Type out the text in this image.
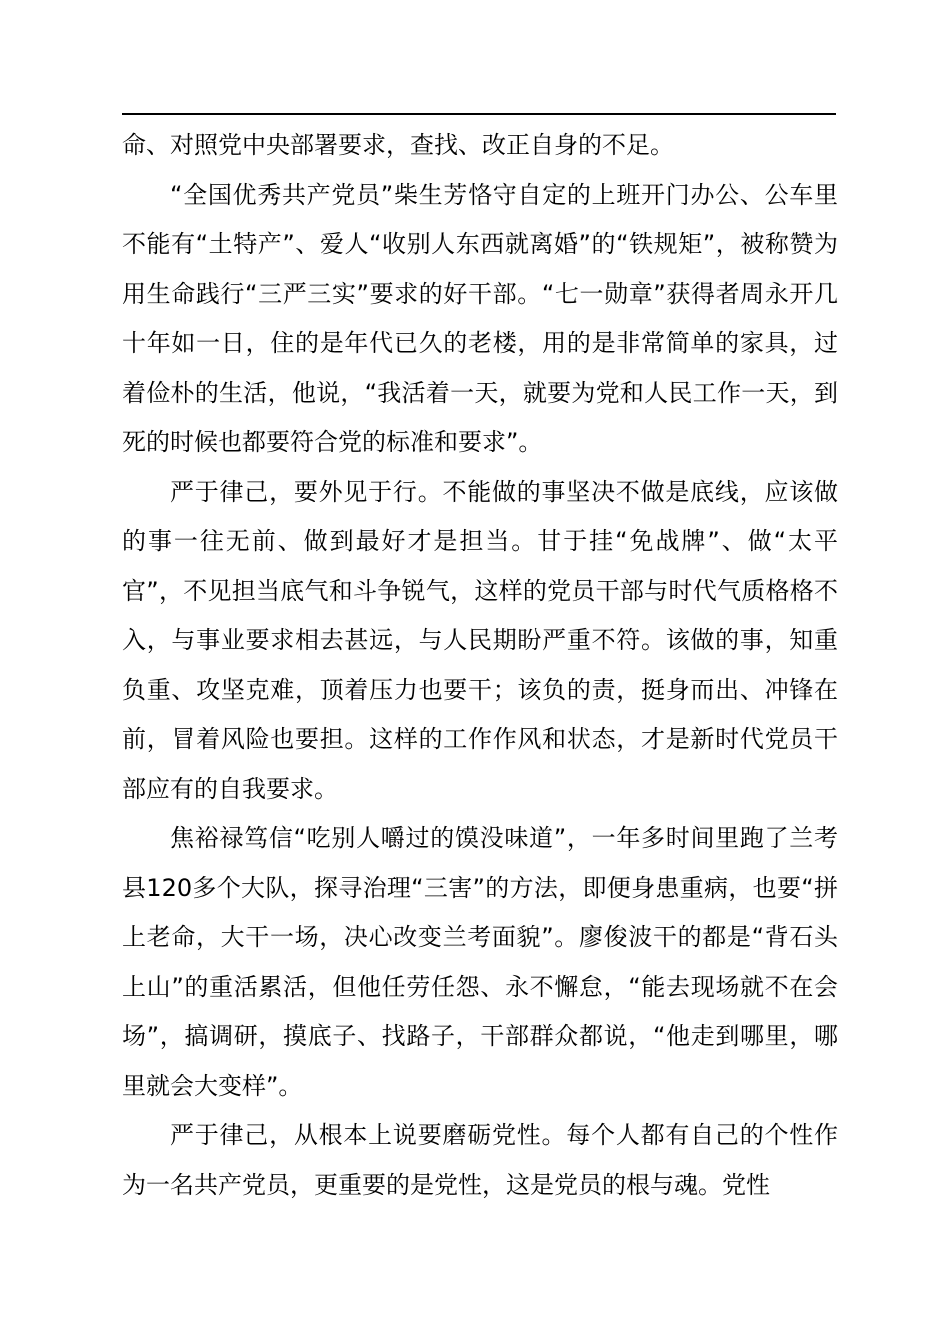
命、对照党中央部署要求，查找、改正自身的不足。

“全国优秀共产党员”柴生芳恪守自定的上班开门办公、公车里不能有“土特产”、爱人“收别人东西就离婚”的“铁规矩”，被称赞为用生命践行“三严三实”要求的好干部。“七一勋章”获得者周永开几十年如一日，住的是年代已久的老楼，用的是非常简单的家具，过着俭朴的生活，他说，“我活着一天，就要为党和人民工作一天，到死的时候也都要符合党的标准和要求”。

严于律己，要外见于行。不能做的事坚决不做是底线，应该做的事一往无前、做到最好才是担当。甘于挂“免战牌”、做“太平官”，不见担当底气和斗争锐气，这样的党员干部与时代气质格格不入，与事业要求相去甚远，与人民期盼严重不符。该做的事，知重负重、攻坚克难，顶着压力也要干；该负的责，挺身而出、冲锋在前，冒着风险也要担。这样的工作作风和状态，才是新时代党员干部应有的自我要求。

焦裕禄笃信“吃别人嚼过的馍没味道”，一年多时间里跑了兰考县120多个大队，探寻治理“三害”的方法，即便身患重病，也要“拼上老命，大干一场，决心改变兰考面貌”。廖俊波干的都是“背石头上山”的重活累活，但他任劳任怨、永不懈怠，“能去现场就不在会场”，搞调研，摸底子、找路子，干部群众都说，“他走到哪里，哪里就会大变样”。

严于律己，从根本上说要磨砺党性。每个人都有自己的个性作为一名共产党员，更重要的是党性，这是党员的根与魂。党性
